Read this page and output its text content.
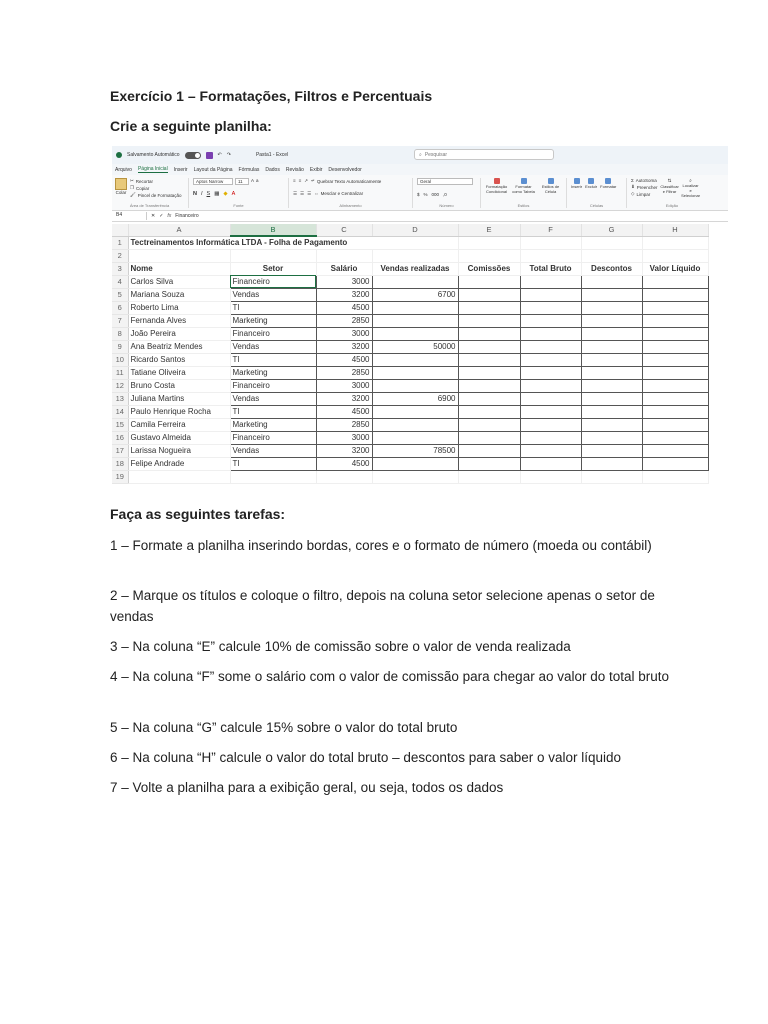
Exercício 1 – Formatações, Filtros e Percentuais
Crie a seguinte planilha:
Salvamento Automático	↶ ↷	Pasta1 - Excel	⌕ Pesquisar
Arquivo Página Inicial Inserir Layout da Página Fórmulas Dados Revisão Exibir Desenvolvedor
Colar
✂ Recortar
❐ Copiar
🖌 Pincel de Formatação
Área de Transferência
Aptos Narrow	11	A a
N I S ▦ ◆ A
Fonte
≡ ≡ ↗ ↵ Quebrar Texto Automaticamente
☰ ☰ ☰ ⇔ Mesclar e Centralizar
Alinhamento
Geral
$ % 000 ,0
Número
Formatação Condicional
Formatar como Tabela
Estilos de Célula
Estilos
Inserir Excluir Formatar
Células
Σ AutoSoma
⬇ Preencher
◇ Limpar
⇅
Classificar e Filtrar
⌕
Localizar e Selecionar
Edição
B4	✕ ✓ fx Financeiro
	A	B	C	D	E	F	G	H
1	Tectreinamentos Informática LTDA - Folha de Pagamento							
2								
3	Nome	Setor	Salário	Vendas realizadas	Comissões	Total Bruto	Descontos	Valor Líquido
4	Carlos Silva	Financeiro	3000					
5	Mariana Souza	Vendas	3200	6700				
6	Roberto Lima	TI	4500					
7	Fernanda Alves	Marketing	2850					
8	João Pereira	Financeiro	3000					
9	Ana Beatriz Mendes	Vendas	3200	50000				
10	Ricardo Santos	TI	4500					
11	Tatiane Oliveira	Marketing	2850					
12	Bruno Costa	Financeiro	3000					
13	Juliana Martins	Vendas	3200	6900				
14	Paulo Henrique Rocha	TI	4500					
15	Camila Ferreira	Marketing	2850					
16	Gustavo Almeida	Financeiro	3000					
17	Larissa Nogueira	Vendas	3200	78500				
18	Felipe Andrade	TI	4500					
19								
Faça as seguintes tarefas:
1 – Formate a planilha inserindo bordas, cores e o formato de número (moeda ou contábil)
2 – Marque os títulos e coloque o filtro, depois na coluna setor selecione apenas o setor de vendas
3 – Na coluna “E” calcule 10% de comissão sobre o valor de venda realizada
4 – Na coluna “F” some o salário com o valor de comissão para chegar ao valor do total bruto
5 – Na coluna “G” calcule 15% sobre o valor do total bruto
6 – Na coluna “H” calcule o valor do total bruto – descontos para saber o valor líquido
7 – Volte a planilha para a exibição geral, ou seja, todos os dados
